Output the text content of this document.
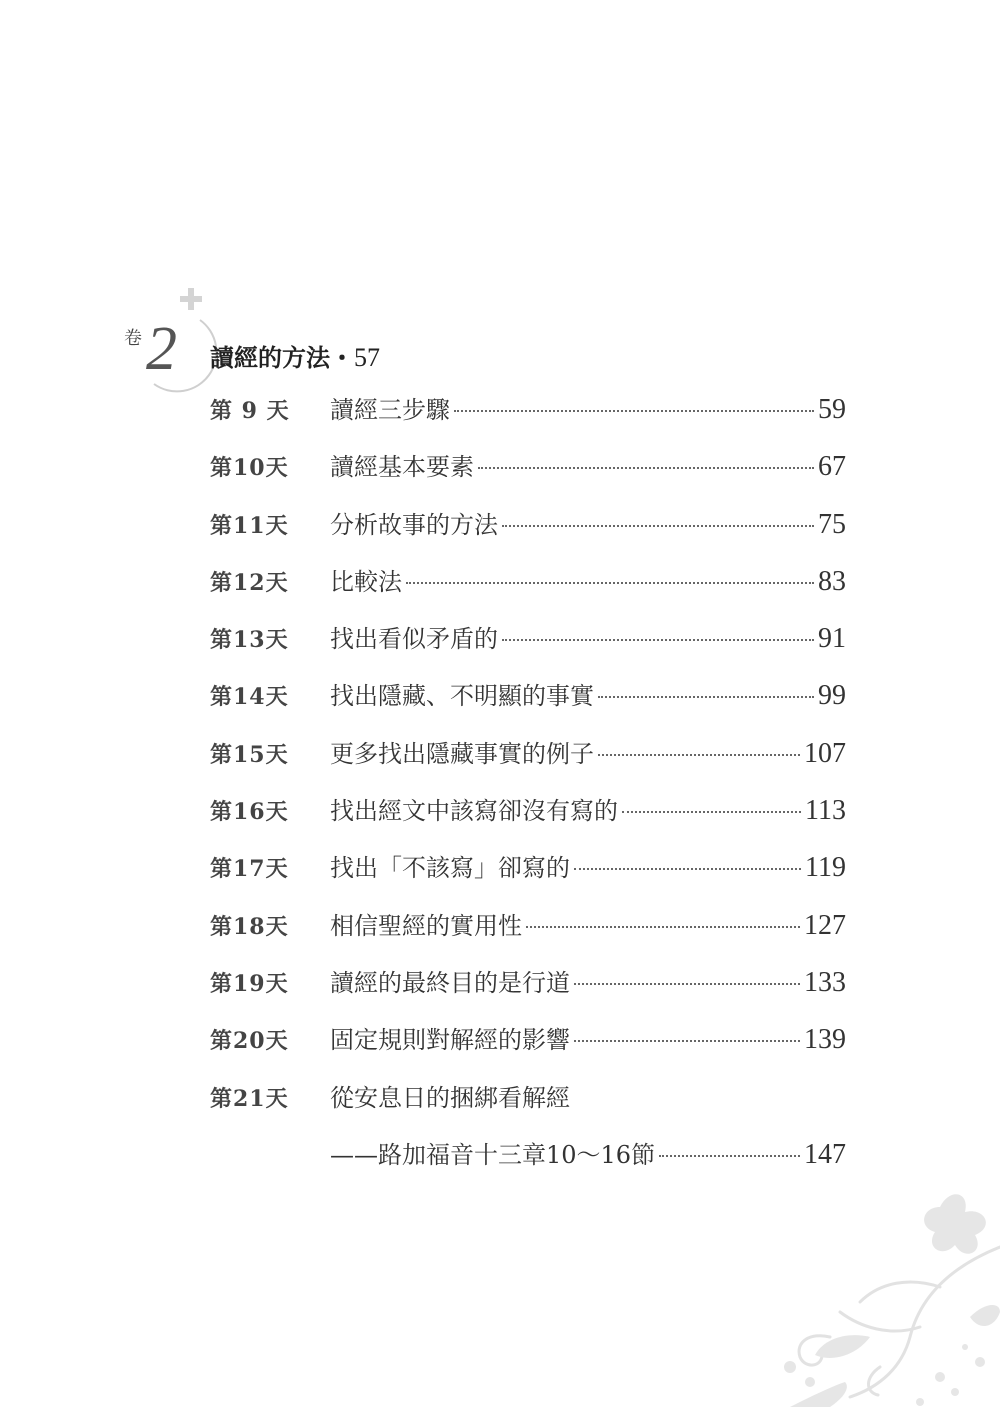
卷 2 讀經的方法・57
第 9 天	讀經三步驟	59
第10天	讀經基本要素	67
第11天	分析故事的方法	75
第12天	比較法	83
第13天	找出看似矛盾的	91
第14天	找出隱藏、不明顯的事實	99
第15天	更多找出隱藏事實的例子	107
第16天	找出經文中該寫卻沒有寫的	113
第17天	找出「不該寫」卻寫的	119
第18天	相信聖經的實用性	127
第19天	讀經的最終目的是行道	133
第20天	固定規則對解經的影響	139
第21天	從安息日的捆綁看解經
——路加福音十三章10～16節	147
